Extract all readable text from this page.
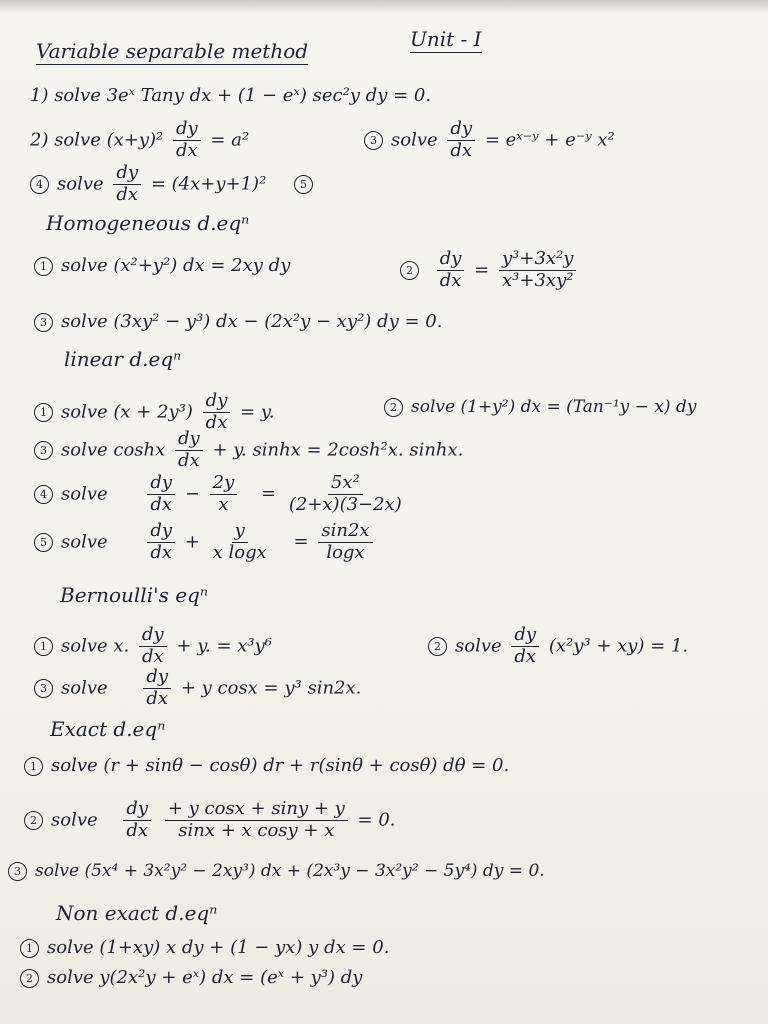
Unit - I
Variable separable method
1) solve 3eˣ Tany dx + (1 − eˣ) sec²y dy = 0.
2) solve $(x+y)^2 \frac{dy}{dx} = a^2$	3 solve $\frac{dy}{dx}$ = eˣ⁻ʸ + e⁻ʸ x²
4 solve $\frac{dy}{dx} = (4x+y+1)^2$	5
Homogeneous d.eqⁿ
1 solve (x²+y²) dx = 2xy dy	$2 \frac{dy}{dx} = \frac{\text{y³+3x²y}}{\text{x³+3xy²}}$
3 solve (3xy² − y³) dx − (2x²y − xy²) dy = 0.
linear d.eqⁿ
1 solve $(x + 2y^3) \frac{dy}{dx} = y$.	2 solve (1+y²) dx = (Tan⁻¹y − x) dy
3 solve coshx $\frac{dy}{dx} + y$. sinhx = 2cosh²x. sinhx.
4 solve $\frac{dy}{dx} - \frac{2y}{x} = \frac{\text{5x²}}{(2+x)(3-2x)}$
5 solve $\frac{dy}{dx} + \frac{y}{\text{x logx}} = \frac{\sin 2x}{\log x}$
Bernoulli's eqⁿ
1 solve x. $\frac{dy}{dx} + y$. = x³y⁶	2 solve $\frac{dy}{dx} (x^2y^3 + xy) = 1$.
3 solve $\frac{dy}{dx} + y$ cosx = y³ sin2x.
Exact d.eqⁿ
1 solve (r + sinθ − cosθ) dr + r(sinθ + cosθ) dθ = 0.
2 solve $\frac{dy}{dx}$
$\frac{\text{+ y cosx + siny + y}}{\text{sinx + x cosy + x}} = 0$.
3 solve (5x⁴ + 3x²y² − 2xy³) dx + (2x³y − 3x²y² − 5y⁴) dy = 0.
Non exact d.eqⁿ
1 solve (1+xy) x dy + (1 − yx) y dx = 0.
2 solve y(2x²y + eˣ) dx = (eˣ + y³) dy
